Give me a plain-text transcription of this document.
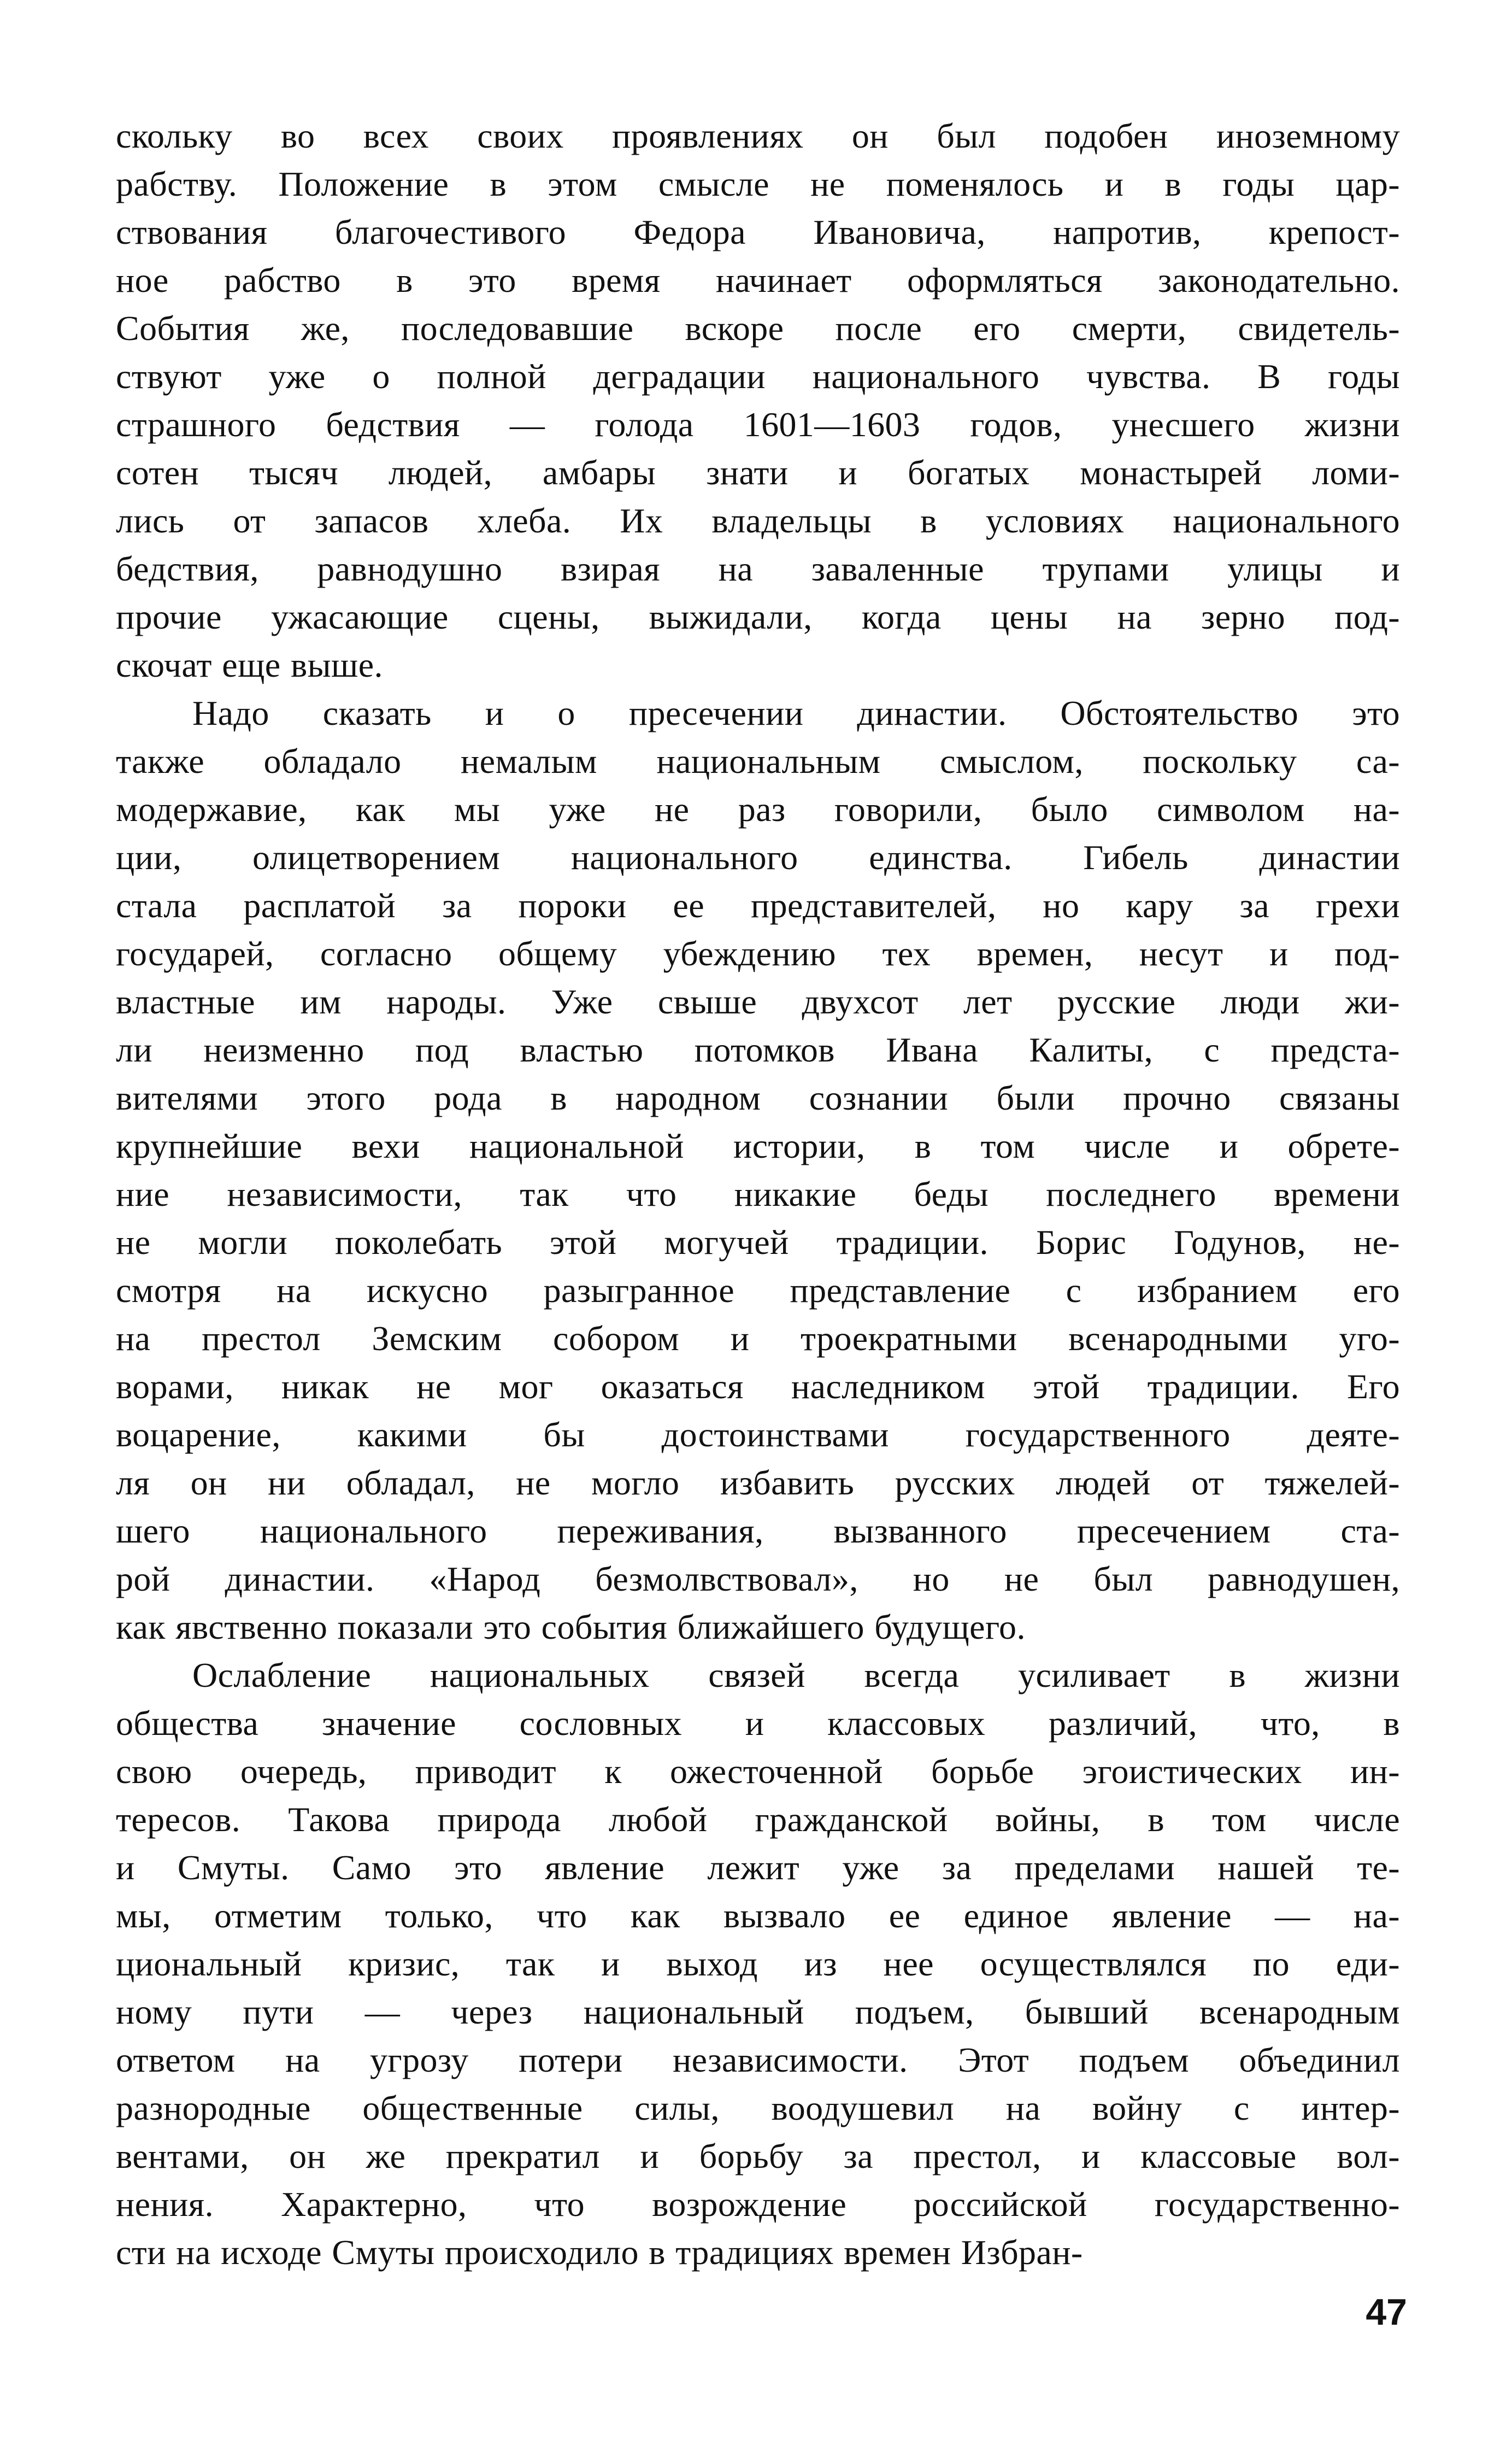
скольку во всех своих проявлениях он был подобен иноземному
рабству. Положение в этом смысле не поменялось и в годы цар-
ствования благочестивого Федора Ивановича, напротив, крепост-
ное рабство в это время начинает оформляться законодательно.
События же, последовавшие вскоре после его смерти, свидетель-
ствуют уже о полной деградации национального чувства. В годы
страшного бедствия — голода 1601—1603 годов, унесшего жизни
сотен тысяч людей, амбары знати и богатых монастырей ломи-
лись от запасов хлеба. Их владельцы в условиях национального
бедствия, равнодушно взирая на заваленные трупами улицы и
прочие ужасающие сцены, выжидали, когда цены на зерно под-
скочат еще выше.
Надо сказать и о пресечении династии. Обстоятельство это
также обладало немалым национальным смыслом, поскольку са-
модержавие, как мы уже не раз говорили, было символом на-
ции, олицетворением национального единства. Гибель династии
стала расплатой за пороки ее представителей, но кару за грехи
государей, согласно общему убеждению тех времен, несут и под-
властные им народы. Уже свыше двухсот лет русские люди жи-
ли неизменно под властью потомков Ивана Калиты, с предста-
вителями этого рода в народном сознании были прочно связаны
крупнейшие вехи национальной истории, в том числе и обрете-
ние независимости, так что никакие беды последнего времени
не могли поколебать этой могучей традиции. Борис Годунов, не-
смотря на искусно разыгранное представление с избранием его
на престол Земским собором и троекратными всенародными уго-
ворами, никак не мог оказаться наследником этой традиции. Его
воцарение, какими бы достоинствами государственного деяте-
ля он ни обладал, не могло избавить русских людей от тяжелей-
шего национального переживания, вызванного пресечением ста-
рой династии. «Народ безмолвствовал», но не был равнодушен,
как явственно показали это события ближайшего будущего.
Ослабление национальных связей всегда усиливает в жизни
общества значение сословных и классовых различий, что, в
свою очередь, приводит к ожесточенной борьбе эгоистических ин-
тересов. Такова природа любой гражданской войны, в том числе
и Смуты. Само это явление лежит уже за пределами нашей те-
мы, отметим только, что как вызвало ее единое явление — на-
циональный кризис, так и выход из нее осуществлялся по еди-
ному пути — через национальный подъем, бывший всенародным
ответом на угрозу потери независимости. Этот подъем объединил
разнородные общественные силы, воодушевил на войну с интер-
вентами, он же прекратил и борьбу за престол, и классовые вол-
нения. Характерно, что возрождение российской государственно-
сти на исходе Смуты происходило в традициях времен Избран-
47
